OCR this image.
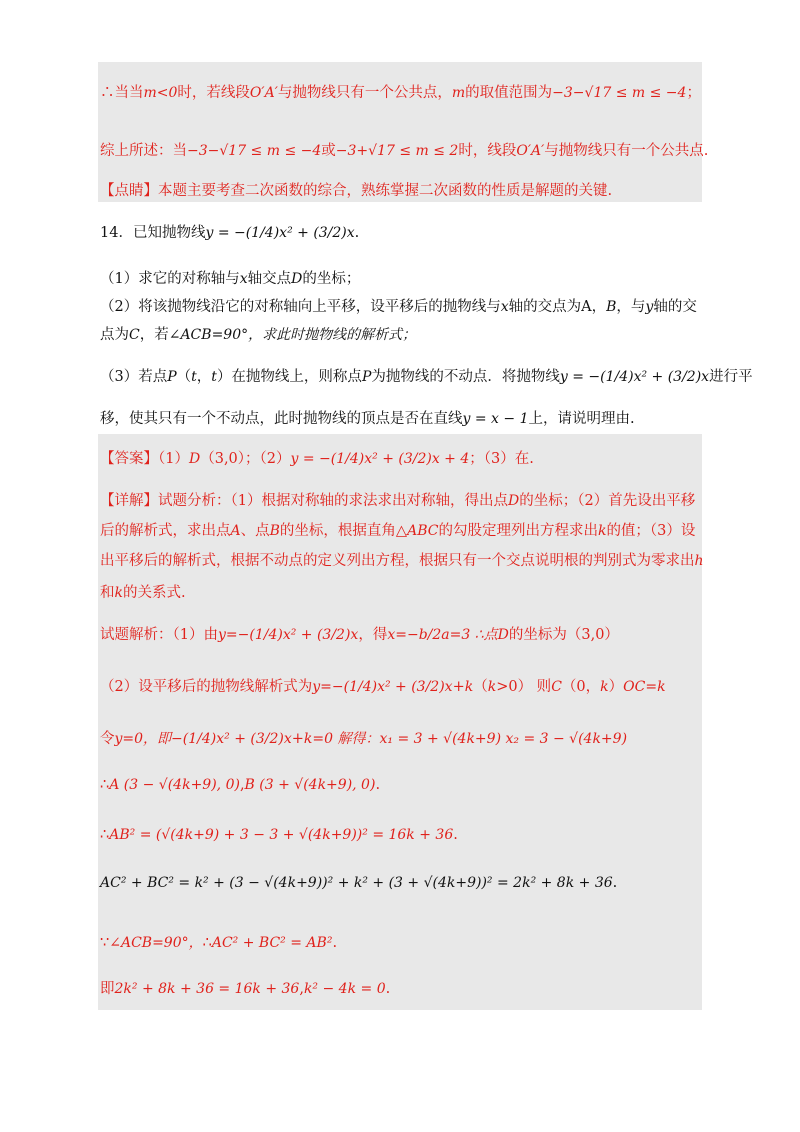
∴当当m<0时，若线段O′A′与抛物线只有一个公共点，m的取值范围为−3−√17 ≤ m ≤ −4；
综上所述：当−3−√17 ≤ m ≤ −4或−3+√17 ≤ m ≤ 2时，线段O′A′与抛物线只有一个公共点.
【点睛】本题主要考查二次函数的综合，熟练掌握二次函数的性质是解题的关键.
14．已知抛物线y = −(1/4)x² + (3/2)x.
（1）求它的对称轴与x轴交点D的坐标；
（2）将该抛物线沿它的对称轴向上平移，设平移后的抛物线与x轴的交点为A，B，与y轴的交
点为C，若∠ACB=90°，求此时抛物线的解析式；
（3）若点P（t，t）在抛物线上，则称点P为抛物线的不动点．将抛物线y = −(1/4)x² + (3/2)x进行平
移，使其只有一个不动点，此时抛物线的顶点是否在直线y = x − 1上，请说明理由.
【答案】（1）D（3,0）；（2）y = −(1/4)x² + (3/2)x + 4；（3）在.
【详解】试题分析：（1）根据对称轴的求法求出对称轴，得出点D的坐标；（2）首先设出平移
后的解析式，求出点A、点B的坐标，根据直角△ABC的勾股定理列出方程求出k的值；（3）设
出平移后的解析式，根据不动点的定义列出方程，根据只有一个交点说明根的判别式为零求出h
和k的关系式.
试题解析：（1）由y=−(1/4)x² + (3/2)x，得x=−b/2a=3 ∴点D的坐标为（3,0）
（2）设平移后的抛物线解析式为y=−(1/4)x² + (3/2)x+k（k>0） 则C（0，k）OC=k
令y=0，即−(1/4)x² + (3/2)x+k=0 解得：x₁ = 3 + √(4k+9) x₂ = 3 − √(4k+9)
∴A (3 − √(4k+9), 0),B (3 + √(4k+9), 0).
∴AB² = (√(4k+9) + 3 − 3 + √(4k+9))² = 16k + 36.
AC² + BC² = k² + (3 − √(4k+9))² + k² + (3 + √(4k+9))² = 2k² + 8k + 36.
∵∠ACB=90°，∴AC² + BC² = AB².
即2k² + 8k + 36 = 16k + 36,k² − 4k = 0.
